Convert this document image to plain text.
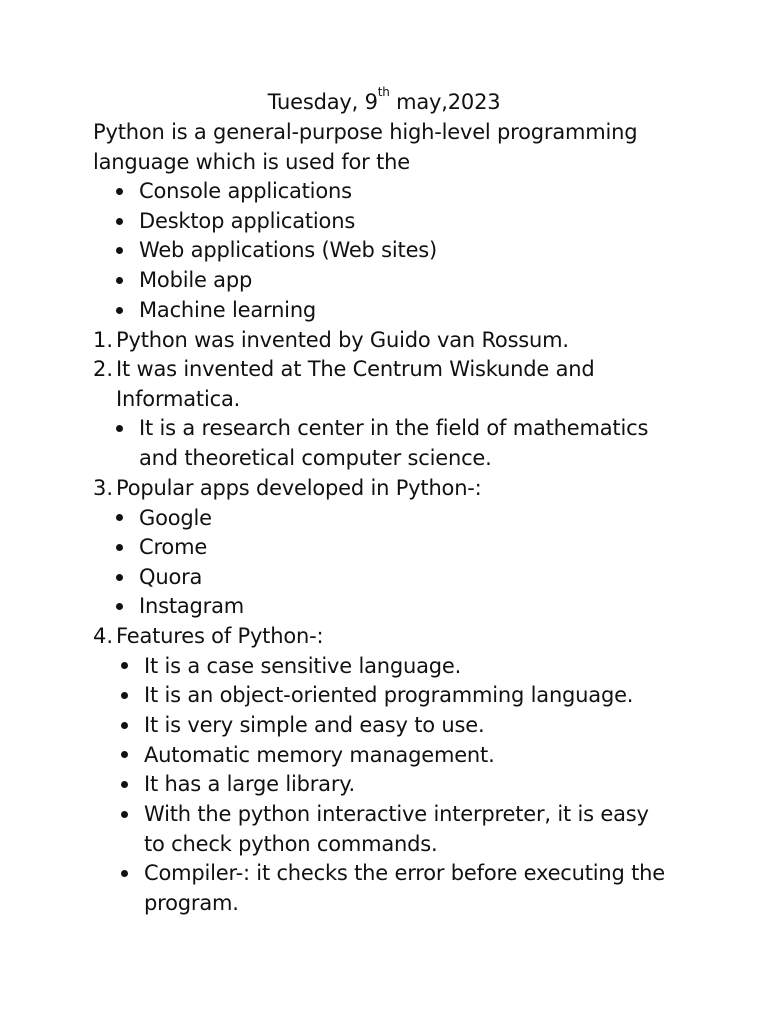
Tuesday, 9th may,2023
Python is a general-purpose high-level programming
language which is used for the
Console applications
Desktop applications
Web applications (Web sites)
Mobile app
Machine learning
1. Python was invented by Guido van Rossum.
2. It was invented at The Centrum Wiskunde and
Informatica.
It is a research center in the field of mathematics
and theoretical computer science.
3. Popular apps developed in Python-:
Google
Crome
Quora
Instagram
4. Features of Python-:
It is a case sensitive language.
It is an object-oriented programming language.
It is very simple and easy to use.
Automatic memory management.
It has a large library.
With the python interactive interpreter, it is easy
to check python commands.
Compiler-: it checks the error before executing the
program.
